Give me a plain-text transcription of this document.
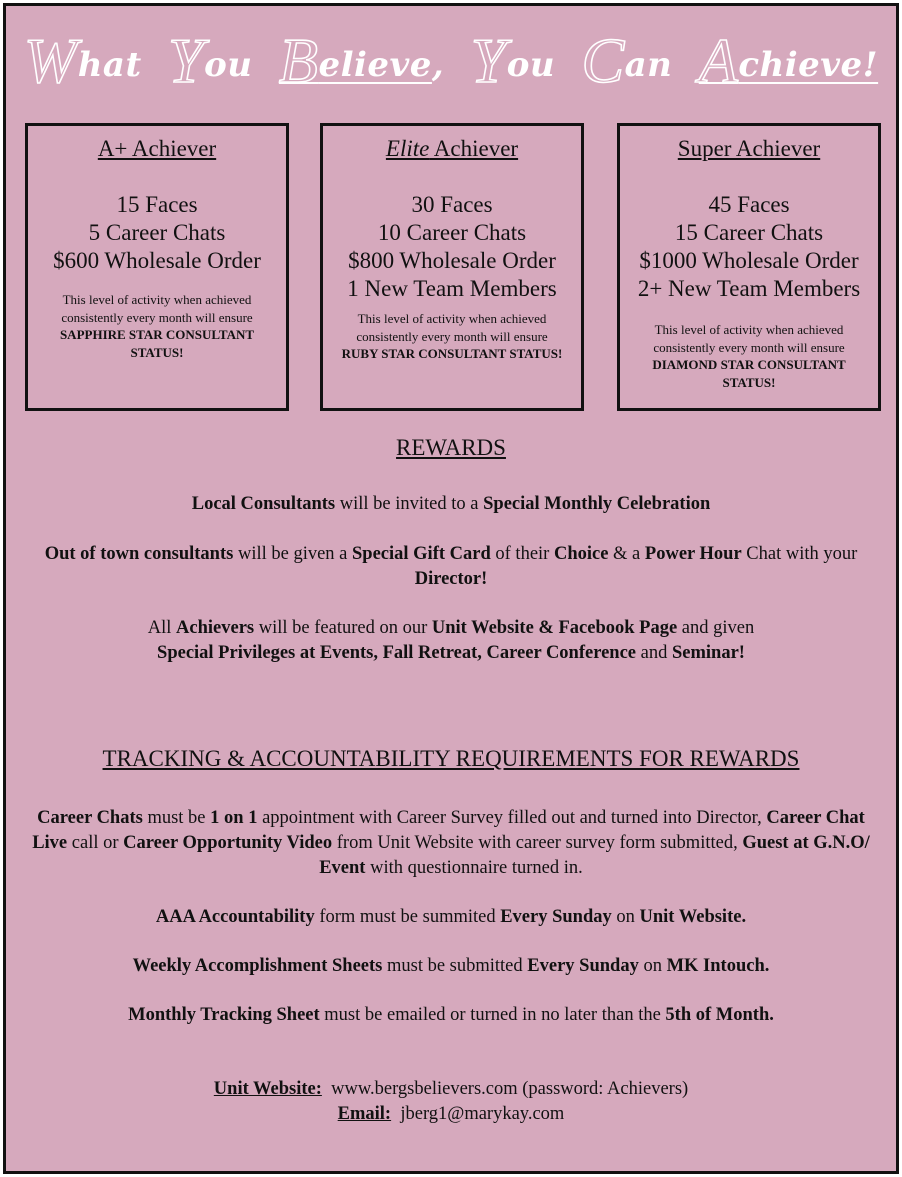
What You Believe, You Can Achieve!
A+ Achiever
15 Faces
5 Career Chats
$600 Wholesale Order
This level of activity when achieved consistently every month will ensure
SAPPHIRE STAR CONSULTANT STATUS!
Elite Achiever
30 Faces
10 Career Chats
$800 Wholesale Order
1 New Team Members
This level of activity when achieved consistently every month will ensure
RUBY STAR CONSULTANT STATUS!
Super Achiever
45 Faces
15 Career Chats
$1000 Wholesale Order
2+ New Team Members
This level of activity when achieved consistently every month will ensure
DIAMOND STAR CONSULTANT STATUS!
REWARDS
Local Consultants will be invited to a Special Monthly Celebration
Out of town consultants will be given a Special Gift Card of their Choice & a Power Hour Chat with your Director!
All Achievers will be featured on our Unit Website & Facebook Page and given
Special Privileges at Events, Fall Retreat, Career Conference and Seminar!
TRACKING & ACCOUNTABILITY REQUIREMENTS FOR REWARDS
Career Chats must be 1 on 1 appointment with Career Survey filled out and turned into Director, Career Chat Live call or Career Opportunity Video from Unit Website with career survey form submitted, Guest at G.N.O/ Event with questionnaire turned in.
AAA Accountability form must be summited Every Sunday on Unit Website.
Weekly Accomplishment Sheets must be submitted Every Sunday on MK Intouch.
Monthly Tracking Sheet must be emailed or turned in no later than the 5th of Month.
Unit Website:  www.bergsbelievers.com (password: Achievers)
Email:  jberg1@marykay.com
